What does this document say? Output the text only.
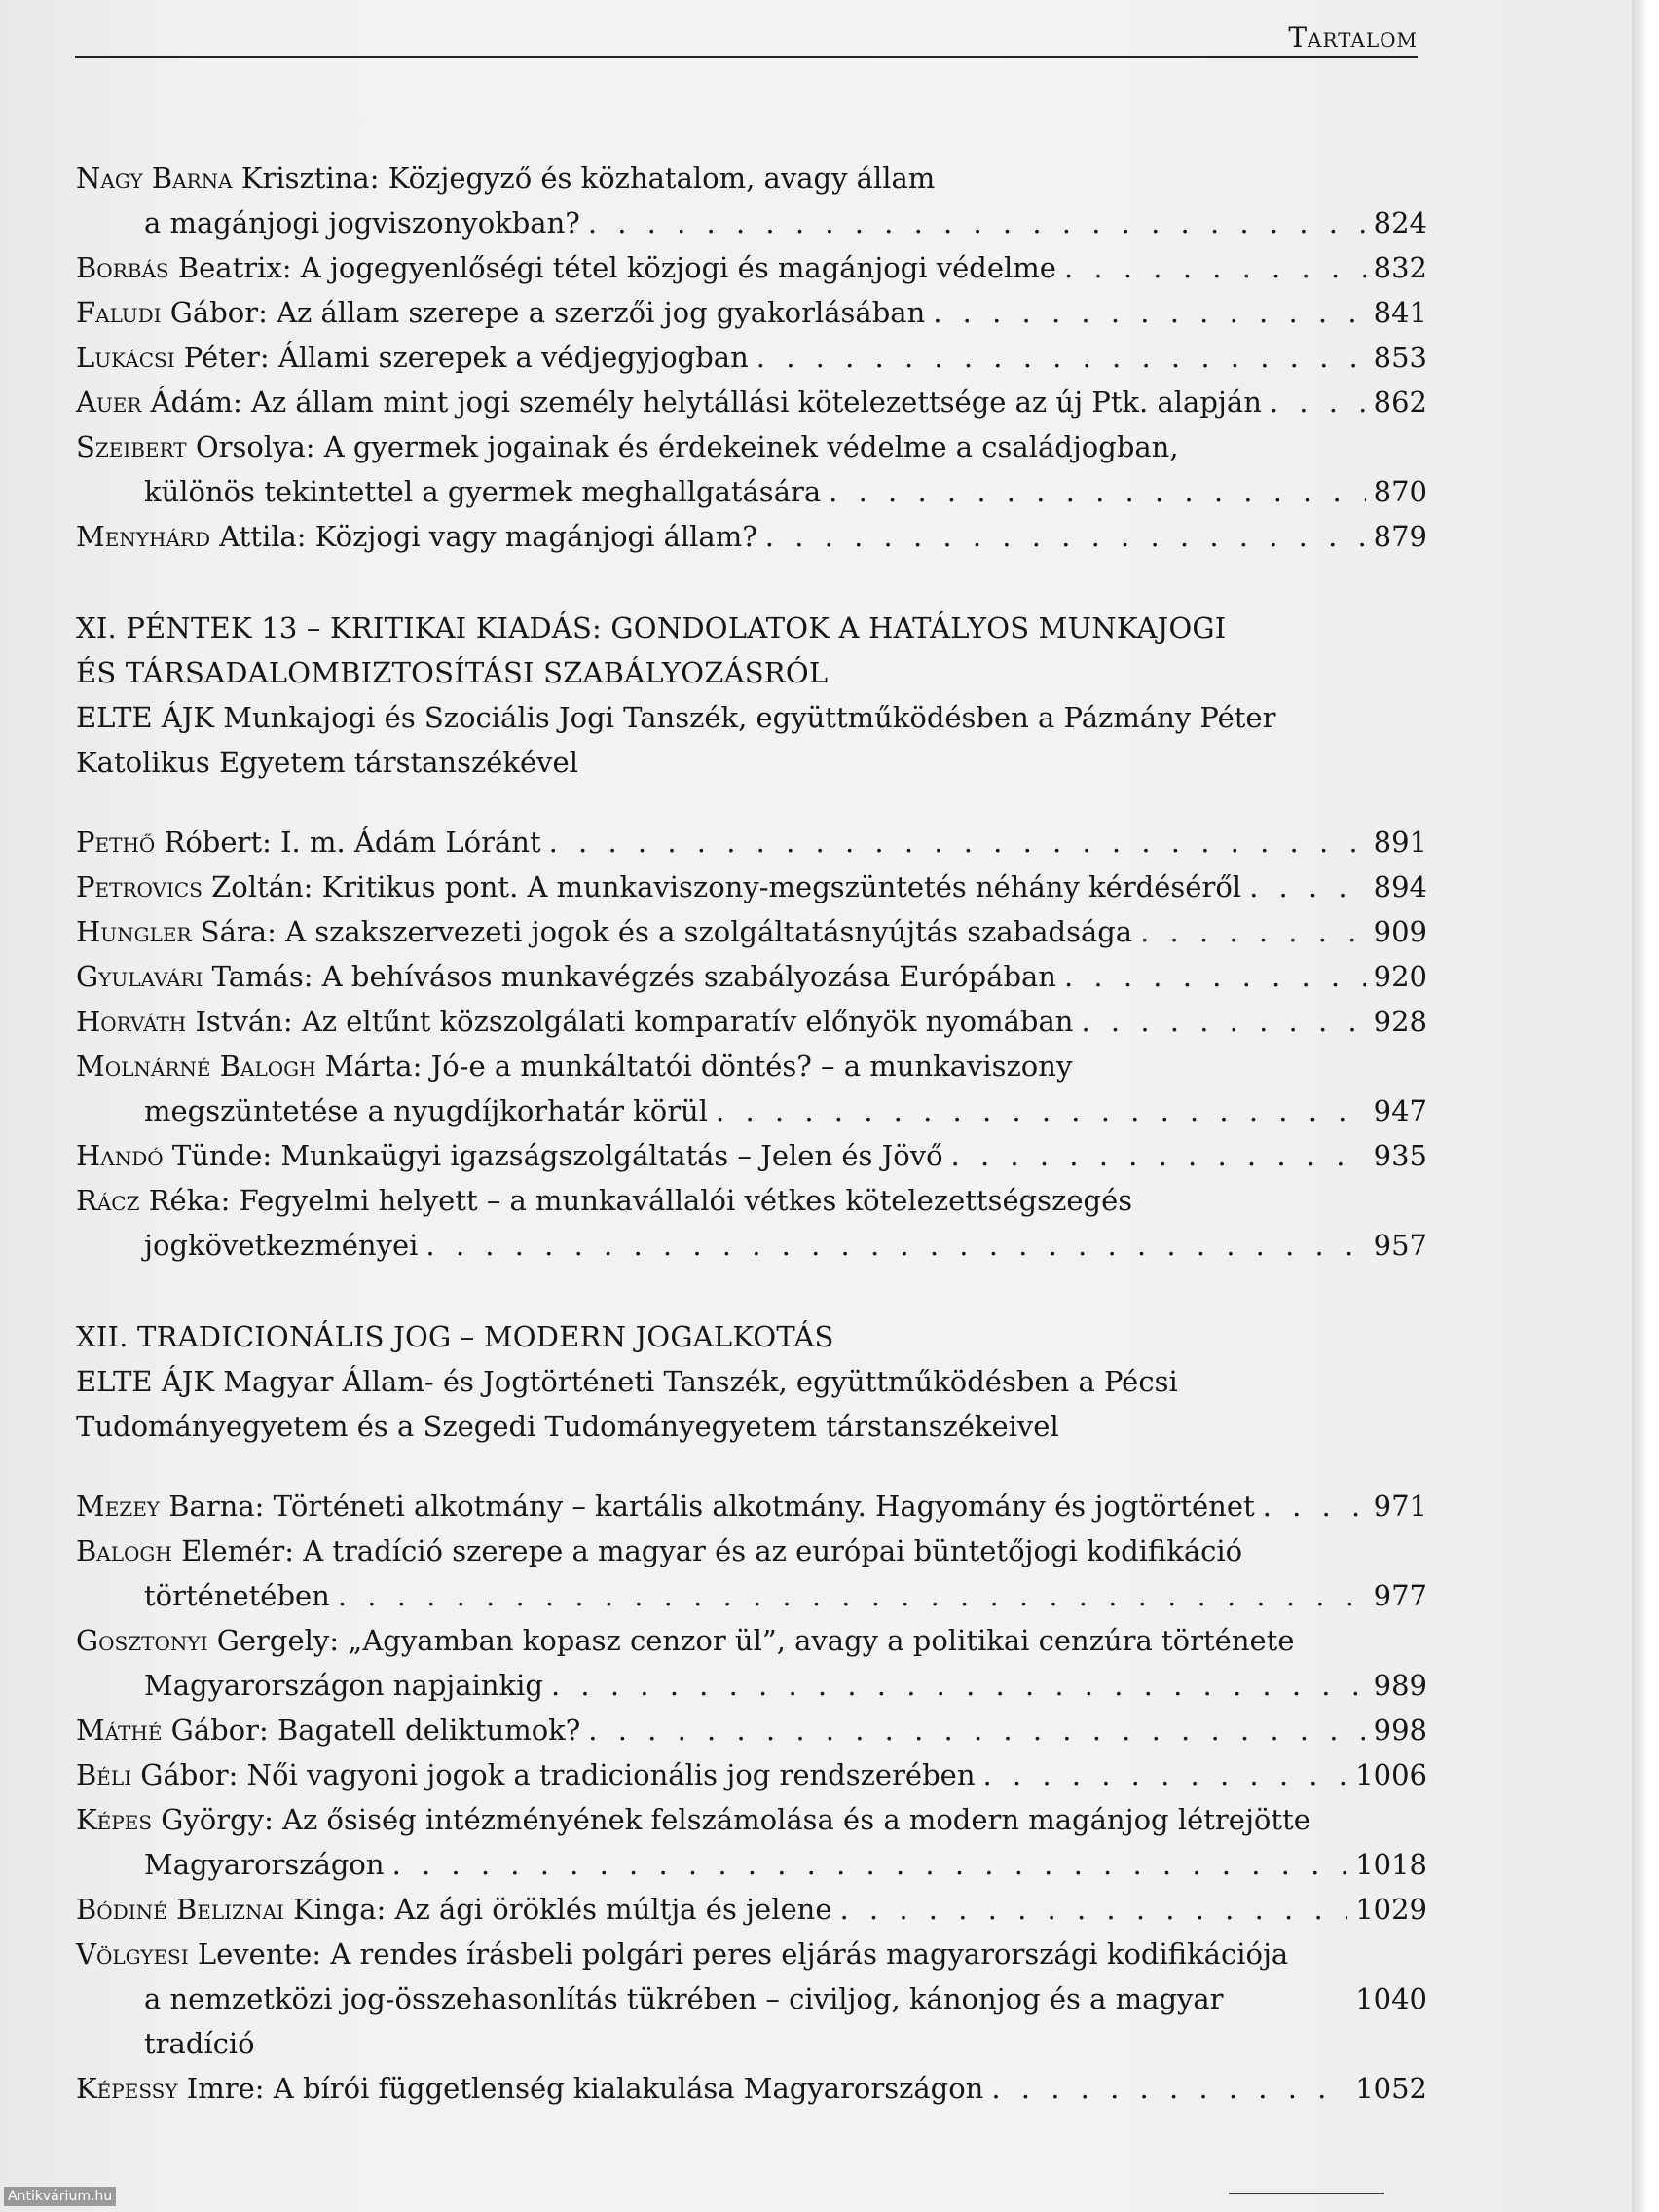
Tartalom
Nagy Barna Krisztina: Közjegyző és közhatalom, avagy állam
a magánjogi jogviszonyokban? . . .	824
Borbás Beatrix: A jogegyenlőségi tétel közjogi és magánjogi védelme . . .	832
Faludi Gábor: Az állam szerepe a szerzői jog gyakorlásában . . .	841
Lukácsi Péter: Állami szerepek a védjegyjogban . . .	853
Auer Ádám: Az állam mint jogi személy helytállási kötelezettsége az új Ptk. alapján . . .	862
Szeibert Orsolya: A gyermek jogainak és érdekeinek védelme a családjogban,
különös tekintettel a gyermek meghallgatására . . .	870
Menyhárd Attila: Közjogi vagy magánjogi állam? . . .	879
XI. PÉNTEK 13 – KRITIKAI KIADÁS: GONDOLATOK A HATÁLYOS MUNKAJOGI
ÉS TÁRSADALOMBIZTOSÍTÁSI SZABÁLYOZÁSRÓL
ELTE ÁJK Munkajogi és Szociális Jogi Tanszék, együttműködésben a Pázmány Péter
Katolikus Egyetem társtanszékével
Pethő Róbert: I. m. Ádám Lóránt . . .	891
Petrovics Zoltán: Kritikus pont. A munkaviszony-megszüntetés néhány kérdéséről . . .	894
Hungler Sára: A szakszervezeti jogok és a szolgáltatásnyújtás szabadsága . . .	909
Gyulavári Tamás: A behívásos munkavégzés szabályozása Európában . . .	920
Horváth István: Az eltűnt közszolgálati komparatív előnyök nyomában . . .	928
Molnárné Balogh Márta: Jó-e a munkáltatói döntés? – a munkaviszony
megszüntetése a nyugdíjkorhatár körül . . .	947
Handó Tünde: Munkaügyi igazságszolgáltatás – Jelen és Jövő . . .	935
Rácz Réka: Fegyelmi helyett – a munkavállalói vétkes kötelezettségszegés
jogkövetkezményei . . .	957
XII. TRADICIONÁLIS JOG – MODERN JOGALKOTÁS
ELTE ÁJK Magyar Állam- és Jogtörténeti Tanszék, együttműködésben a Pécsi
Tudományegyetem és a Szegedi Tudományegyetem társtanszékeivel
Mezey Barna: Történeti alkotmány – kartális alkotmány. Hagyomány és jogtörténet . . .	971
Balogh Elemér: A tradíció szerepe a magyar és az európai büntetőjogi kodifikáció
történetében . . .	977
Gosztonyi Gergely: „Agyamban kopasz cenzor ül”, avagy a politikai cenzúra története
Magyarországon napjainkig . . .	989
Máthé Gábor: Bagatell deliktumok? . . .	998
Béli Gábor: Női vagyoni jogok a tradicionális jog rendszerében . . .	1006
Képes György: Az ősiség intézményének felszámolása és a modern magánjog létrejötte
Magyarországon . . .	1018
Bódiné Beliznai Kinga: Az ági öröklés múltja és jelene . . .	1029
Völgyesi Levente: A rendes írásbeli polgári peres eljárás magyarországi kodifikációja
a nemzetközi jog-összehasonlítás tükrében – civiljog, kánonjog és a magyar tradíció
1040
Képessy Imre: A bírói függetlenség kialakulása Magyarországon . . .	1052
Antikvárium.hu
